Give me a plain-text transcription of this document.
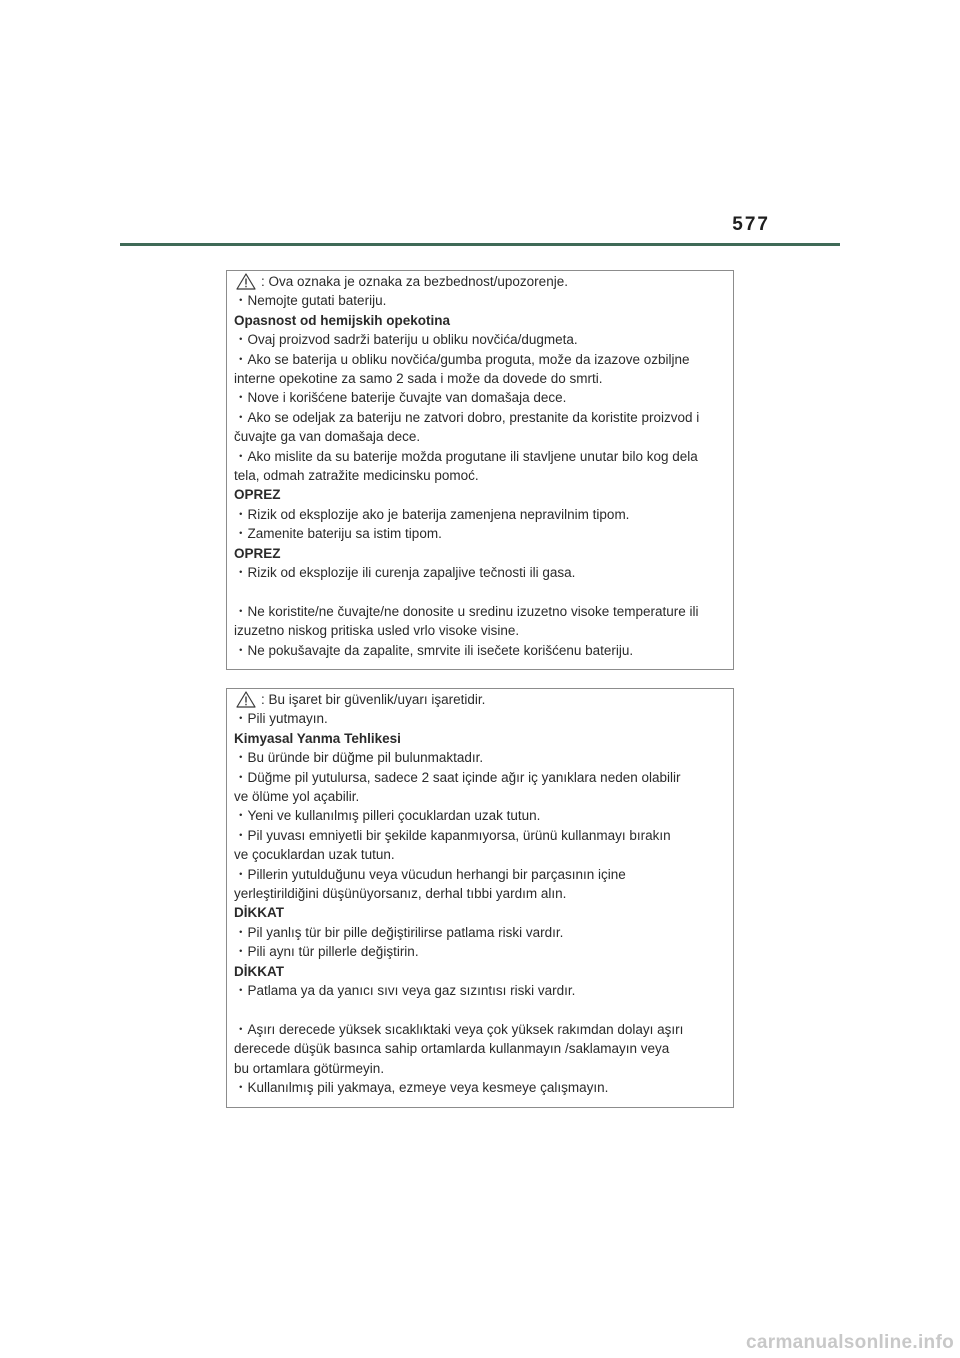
577
: Ova oznaka je oznaka za bezbednost/upozorenje.
・Nemojte gutati bateriju.
Opasnost od hemijskih opekotina
・Ovaj proizvod sadrži bateriju u obliku novčića/dugmeta.
・Ako se baterija u obliku novčića/gumba proguta, može da izazove ozbiljne
interne opekotine za samo 2 sada i može da dovede do smrti.
・Nove i korišćene baterije čuvajte van domašaja dece.
・Ako se odeljak za bateriju ne zatvori dobro, prestanite da koristite proizvod i
čuvajte ga van domašaja dece.
・Ako mislite da su baterije možda progutane ili stavljene unutar bilo kog dela
tela, odmah zatražite medicinsku pomoć.
OPREZ
・Rizik od eksplozije ako je baterija zamenjena nepravilnim tipom.
・Zamenite bateriju sa istim tipom.
OPREZ
・Rizik od eksplozije ili curenja zapaljive tečnosti ili gasa.
・Ne koristite/ne čuvajte/ne donosite u sredinu izuzetno visoke temperature ili
izuzetno niskog pritiska usled vrlo visoke visine.
・Ne pokušavajte da zapalite, smrvite ili isečete korišćenu bateriju.
: Bu işaret bir güvenlik/uyarı işaretidir.
・Pili yutmayın.
Kimyasal Yanma Tehlikesi
・Bu üründe bir düğme pil bulunmaktadır.
・Düğme pil yutulursa, sadece 2 saat içinde ağır iç yanıklara neden olabilir
ve ölüme yol açabilir.
・Yeni ve kullanılmış pilleri çocuklardan uzak tutun.
・Pil yuvası emniyetli bir şekilde kapanmıyorsa, ürünü kullanmayı bırakın
ve çocuklardan uzak tutun.
・Pillerin yutulduğunu veya vücudun herhangi bir parçasının içine
yerleştirildiğini düşünüyorsanız, derhal tıbbi yardım alın.
DİKKAT
・Pil yanlış tür bir pille değiştirilirse patlama riski vardır.
・Pili aynı tür pillerle değiştirin.
DİKKAT
・Patlama ya da yanıcı sıvı veya gaz sızıntısı riski vardır.
・Aşırı derecede yüksek sıcaklıktaki veya çok yüksek rakımdan dolayı aşırı
derecede düşük basınca sahip ortamlarda kullanmayın /saklamayın veya
bu ortamlara götürmeyin.
・Kullanılmış pili yakmaya, ezmeye veya kesmeye çalışmayın.
carmanualsonline.info
